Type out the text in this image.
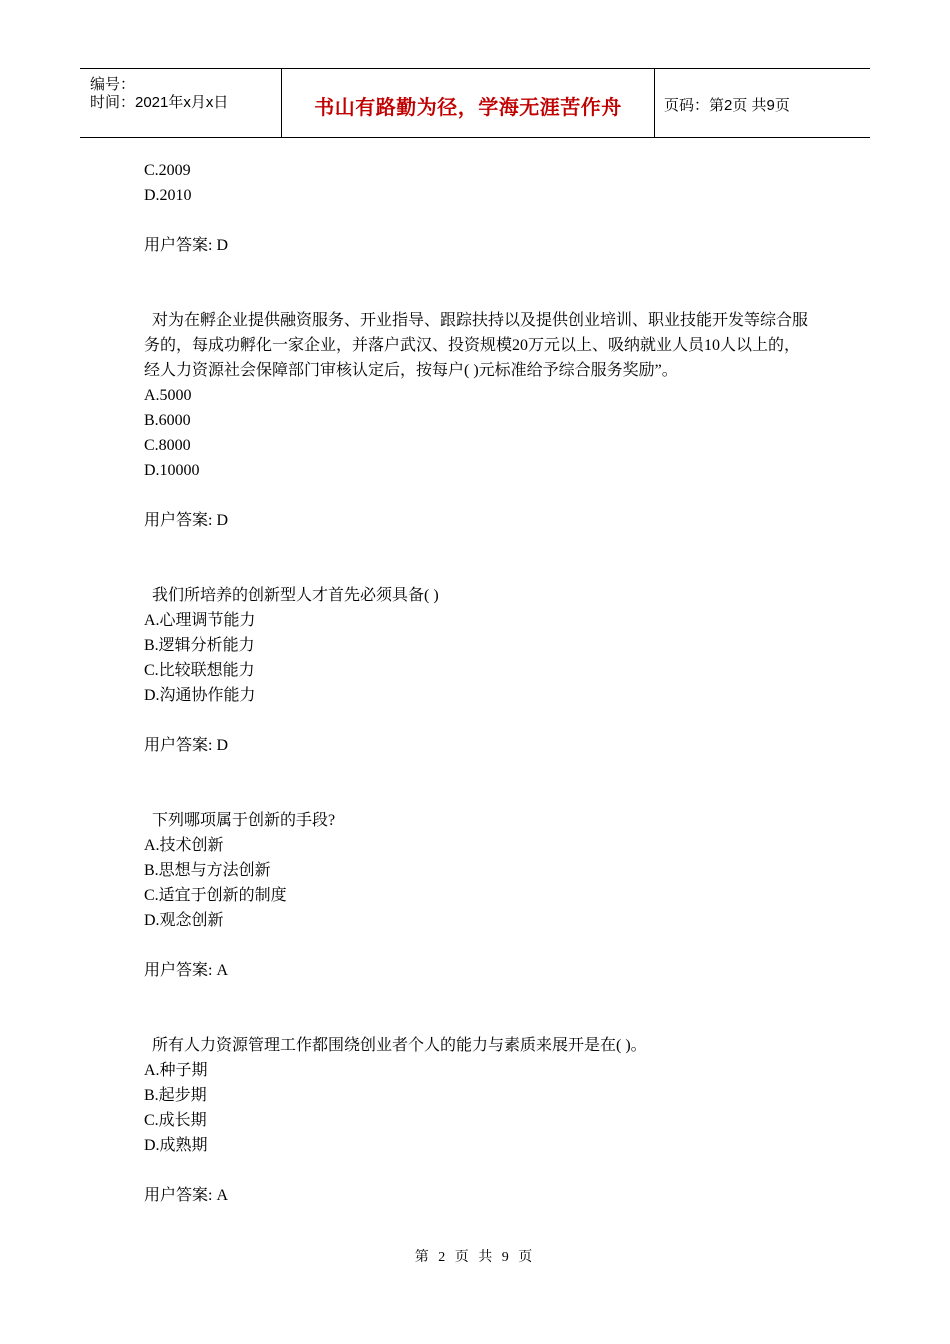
编号：
时间：2021年x月x日	书山有路勤为径，学海无涯苦作舟	页码：第2页 共9页
C.2009
D.2010
用户答案: D
对为在孵企业提供融资服务、开业指导、跟踪扶持以及提供创业培训、职业技能开发等综合服务的，每成功孵化一家企业，并落户武汉、投资规模20万元以上、吸纳就业人员10人以上的，经人力资源社会保障部门审核认定后，按每户( )元标准给予综合服务奖励”。
A.5000
B.6000
C.8000
D.10000
用户答案: D
我们所培养的创新型人才首先必须具备( )
A.心理调节能力
B.逻辑分析能力
C.比较联想能力
D.沟通协作能力
用户答案: D
下列哪项属于创新的手段?
A.技术创新
B.思想与方法创新
C.适宜于创新的制度
D.观念创新
用户答案: A
所有人力资源管理工作都围绕创业者个人的能力与素质来展开是在( )。
A.种子期
B.起步期
C.成长期
D.成熟期
用户答案: A
第 2 页 共 9 页
